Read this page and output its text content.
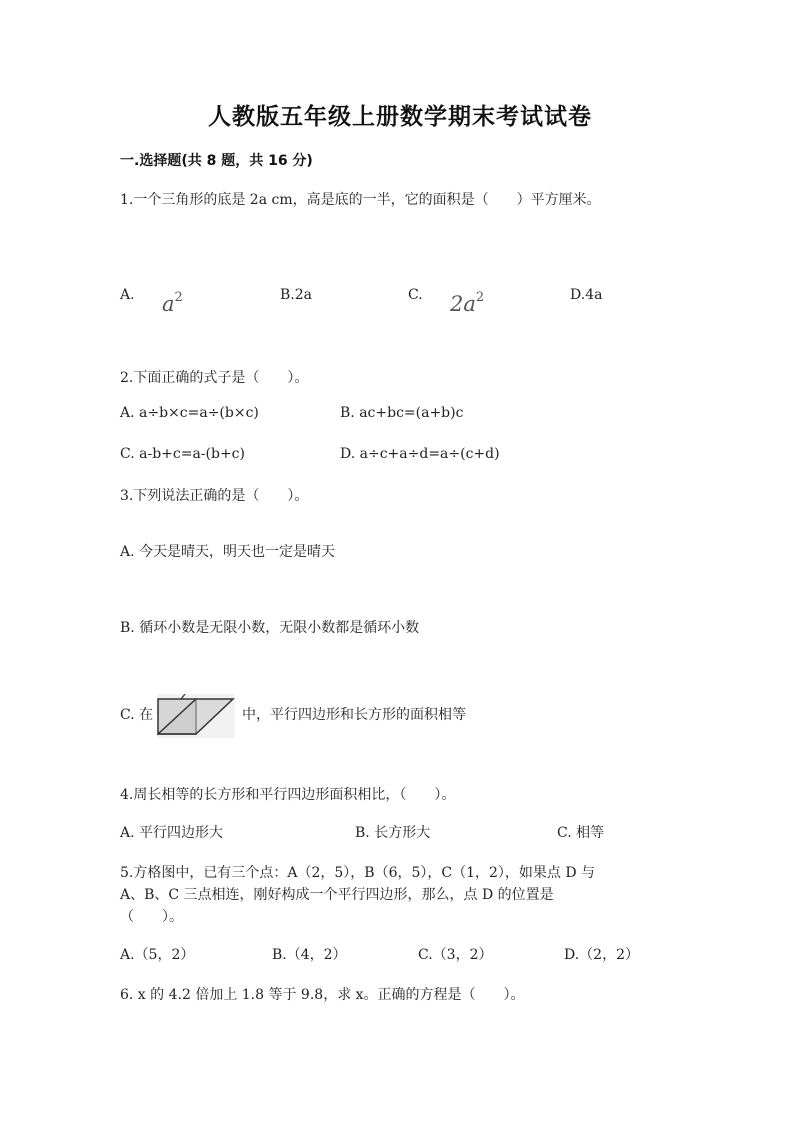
人教版五年级上册数学期末考试试卷
一.选择题(共 8 题，共 16 分)
1.一个三角形的底是 2a cm，高是底的一半，它的面积是（　　）平方厘米。
A. $a^2$	B.2a	C. $2a^2$	D.4a
2.下面正确的式子是（　　）。
A. a÷b×c=a÷(b×c)	B. ac+bc=(a+b)c
C. a-b+c=a-(b+c)	D. a÷c+a÷d=a÷(c+d)
3.下列说法正确的是（　　）。
A. 今天是晴天，明天也一定是晴天
B. 循环小数是无限小数，无限小数都是循环小数
C. 在	中，平行四边形和长方形的面积相等
4.周长相等的长方形和平行四边形面积相比，（　　）。
A. 平行四边形大	B. 长方形大	C. 相等
5.方格图中，已有三个点：A（2，5），B（6，5），C（1，2），如果点 D 与
A、B、C 三点相连，刚好构成一个平行四边形，那么，点 D 的位置是
（　　）。
A.（5，2）	B.（4，2）	C.（3，2）	D.（2，2）
6. x 的 4.2 倍加上 1.8 等于 9.8，求 x。正确的方程是（　　）。
